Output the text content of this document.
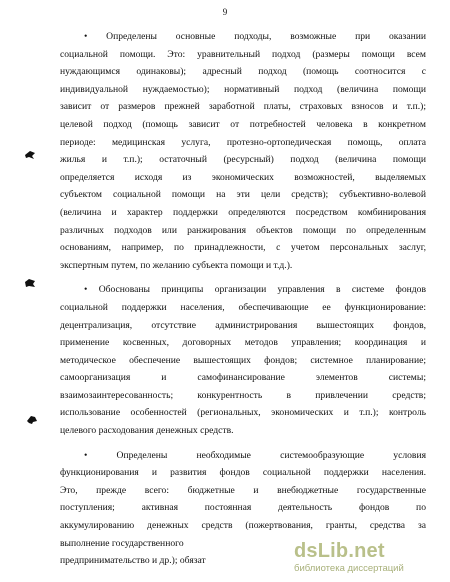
9

• Определены основные подходы, возможные при оказании
социальной помощи. Это: уравнительный подход (размеры помощи всем
нуждающимся одинаковы); адресный подход (помощь соотносится с
индивидуальной нуждаемостью); нормативный подход (величина помощи
зависит от размеров прежней заработной платы, страховых взносов и т.п.);
целевой подход (помощь зависит от потребностей человека в конкретном
периоде: медицинская услуга, протезно-ортопедическая помощь, оплата
жилья и т.п.); остаточный (ресурсный) подход (величина помощи
определяется исходя из экономических возможностей, выделяемых
субъектом социальной помощи на эти цели средств); субъективно-волевой
(величина и характер поддержки определяются посредством комбинирования
различных подходов или ранжирования объектов помощи по определенным
основаниям, например, по принадлежности, с учетом персональных заслуг,
экспертным путем, по желанию субъекта помощи и т.д.).

• Обоснованы принципы организации управления в системе фондов
социальной поддержки населения, обеспечивающие ее функционирование:
децентрализация, отсутствие администрирования вышестоящих фондов,
применение косвенных, договорных методов управления; координация и
методическое обеспечение вышестоящих фондов; системное планирование;
самоорганизация и самофинансирование элементов системы;
взаимозаинтересованность; конкурентность в привлечении средств;
использование особенностей (региональных, экономических и т.п.); контроль
целевого расходования денежных средств.

• Определены необходимые системообразующие условия
функционирования и развития фондов социальной поддержки населения.
Это, прежде всего: бюджетные и внебюджетные государственные
поступления; активная постоянная деятельность фондов по
аккумулированию денежных средств (пожертвования, гранты, средства за
выполнение государственного
предпринимательство и др.); обязат	dsLib.net
библиотека диссертаций
